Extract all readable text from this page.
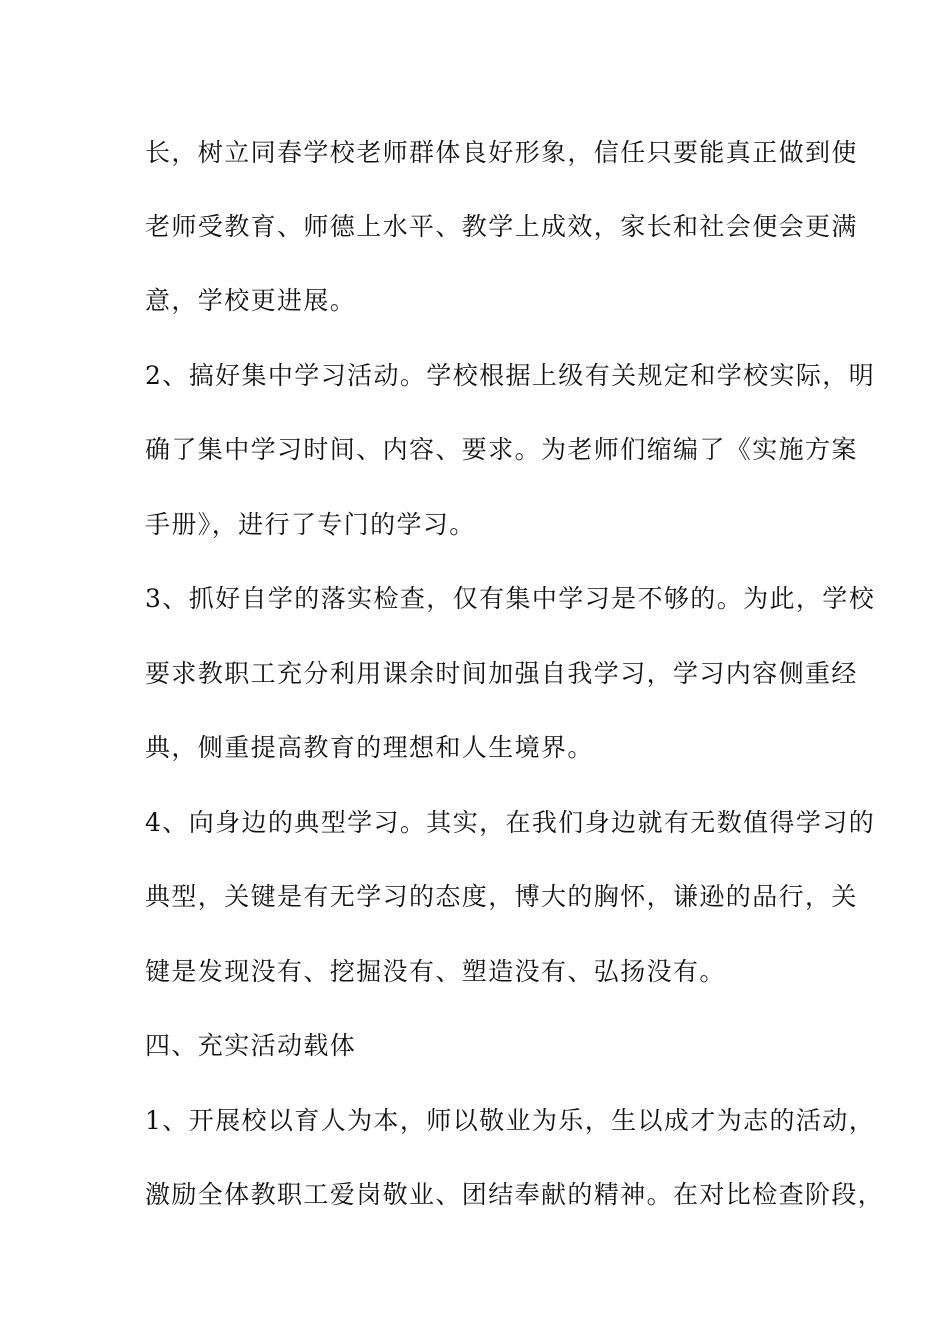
长，树立同春学校老师群体良好形象，信任只要能真正做到使
老师受教育、师德上水平、教学上成效，家长和社会便会更满
意，学校更进展。
2、搞好集中学习活动。学校根据上级有关规定和学校实际，明
确了集中学习时间、内容、要求。为老师们缩编了《实施方案
手册》，进行了专门的学习。
3、抓好自学的落实检查，仅有集中学习是不够的。为此，学校
要求教职工充分利用课余时间加强自我学习，学习内容侧重经
典，侧重提高教育的理想和人生境界。
4、向身边的典型学习。其实，在我们身边就有无数值得学习的
典型，关键是有无学习的态度，博大的胸怀，谦逊的品行，关
键是发现没有、挖掘没有、塑造没有、弘扬没有。
四、充实活动载体
1、开展校以育人为本，师以敬业为乐，生以成才为志的活动，
激励全体教职工爱岗敬业、团结奉献的精神。在对比检查阶段，
